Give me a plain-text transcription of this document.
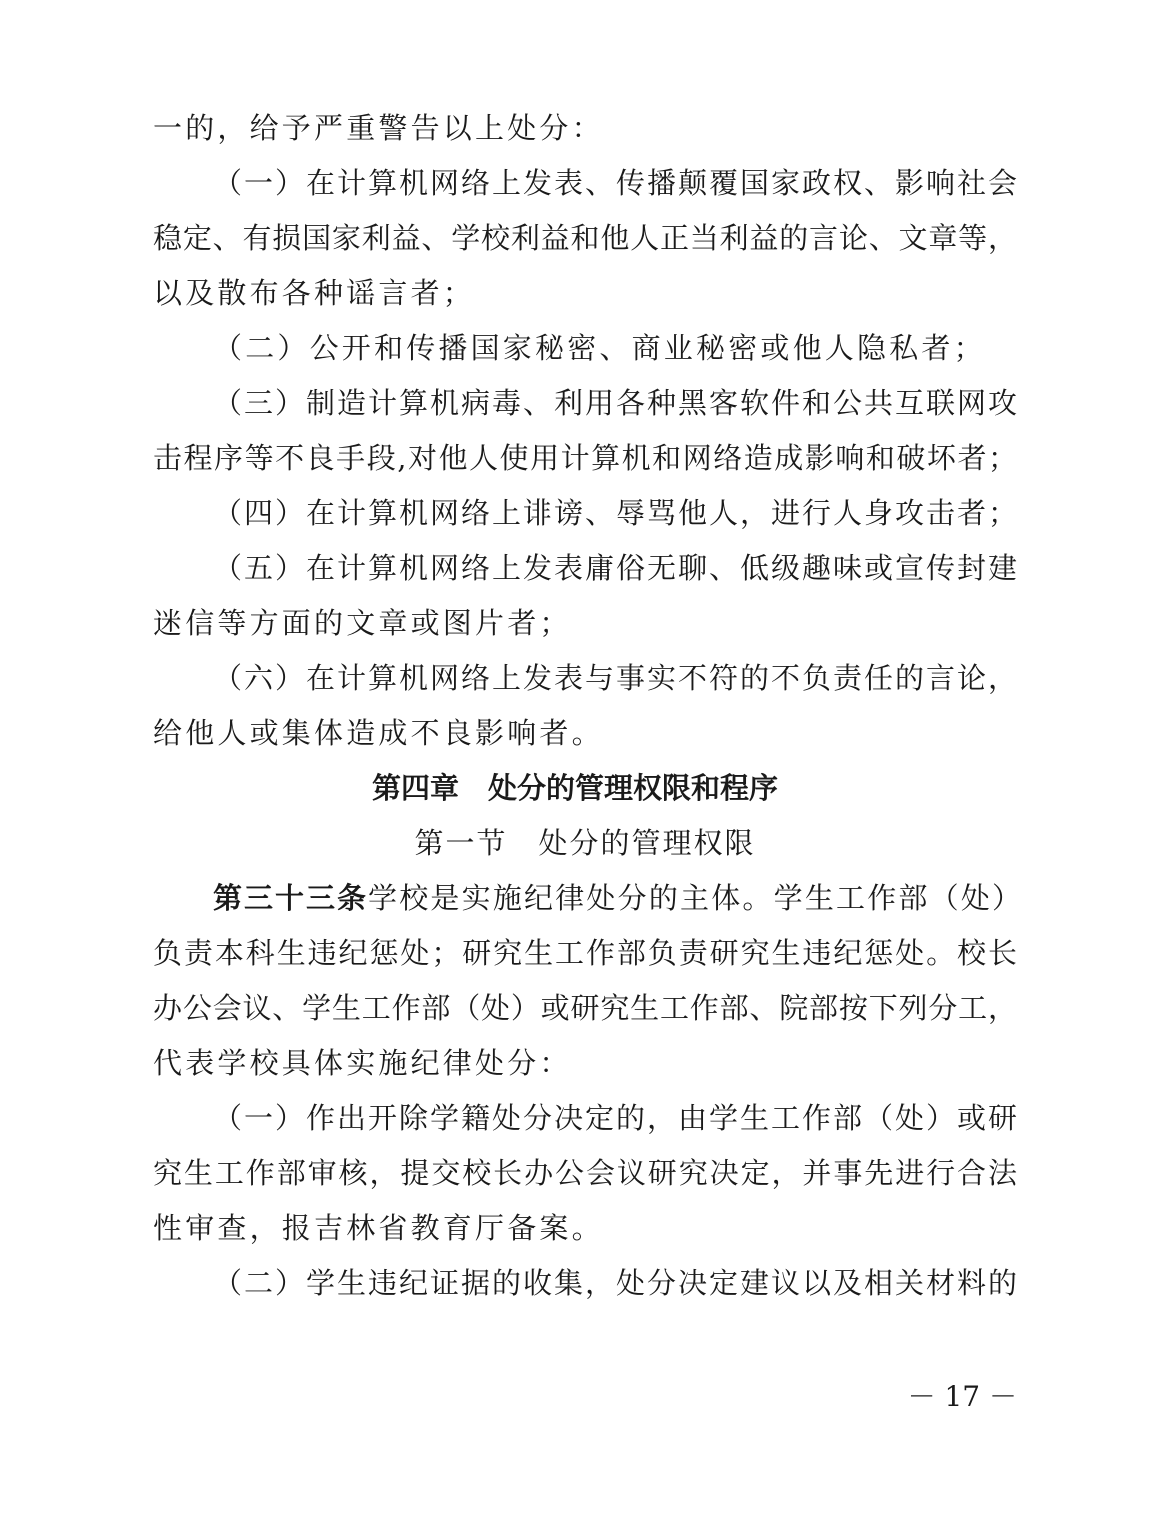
一的，给予严重警告以上处分：
（一）在计算机网络上发表、传播颠覆国家政权、影响社会
稳定、有损国家利益、学校利益和他人正当利益的言论、文章等，
以及散布各种谣言者；
（二）公开和传播国家秘密、商业秘密或他人隐私者；
（三）制造计算机病毒、利用各种黑客软件和公共互联网攻
击程序等不良手段,对他人使用计算机和网络造成影响和破坏者；
（四）在计算机网络上诽谤、辱骂他人，进行人身攻击者；
（五）在计算机网络上发表庸俗无聊、低级趣味或宣传封建
迷信等方面的文章或图片者；
（六）在计算机网络上发表与事实不符的不负责任的言论，
给他人或集体造成不良影响者。
第四章　处分的管理权限和程序
第一节　处分的管理权限
第三十三条 学校是实施纪律处分的主体。学生工作部（处）
负责本科生违纪惩处；研究生工作部负责研究生违纪惩处。校长
办公会议、学生工作部（处）或研究生工作部、院部按下列分工，
代表学校具体实施纪律处分：
（一）作出开除学籍处分决定的，由学生工作部（处）或研
究生工作部审核，提交校长办公会议研究决定，并事先进行合法
性审查，报吉林省教育厅备案。
（二）学生违纪证据的收集，处分决定建议以及相关材料的
－ 17 －
